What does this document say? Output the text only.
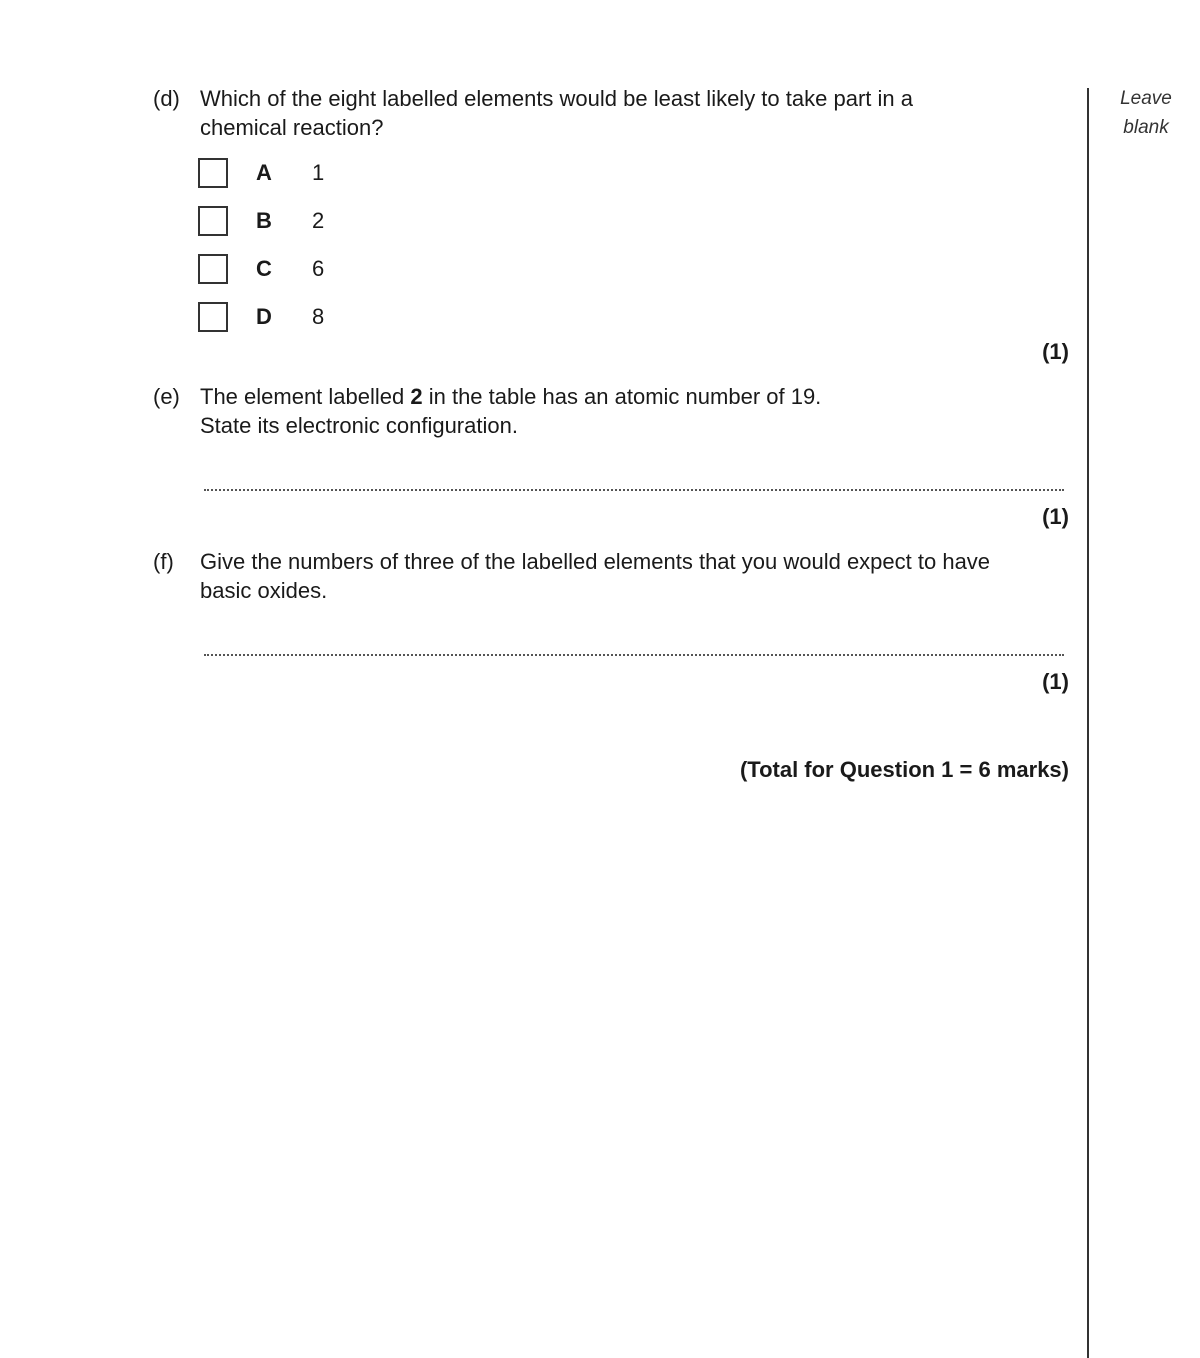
Leave
blank
(d) Which of the eight labelled elements would be least likely to take part in a chemical reaction?
A 1
B 2
C 6
D 8
(1)
(e) The element labelled 2 in the table has an atomic number of 19.
State its electronic configuration.
(1)
(f) Give the numbers of three of the labelled elements that you would expect to have basic oxides.
(1)
(Total for Question 1 = 6 marks)
